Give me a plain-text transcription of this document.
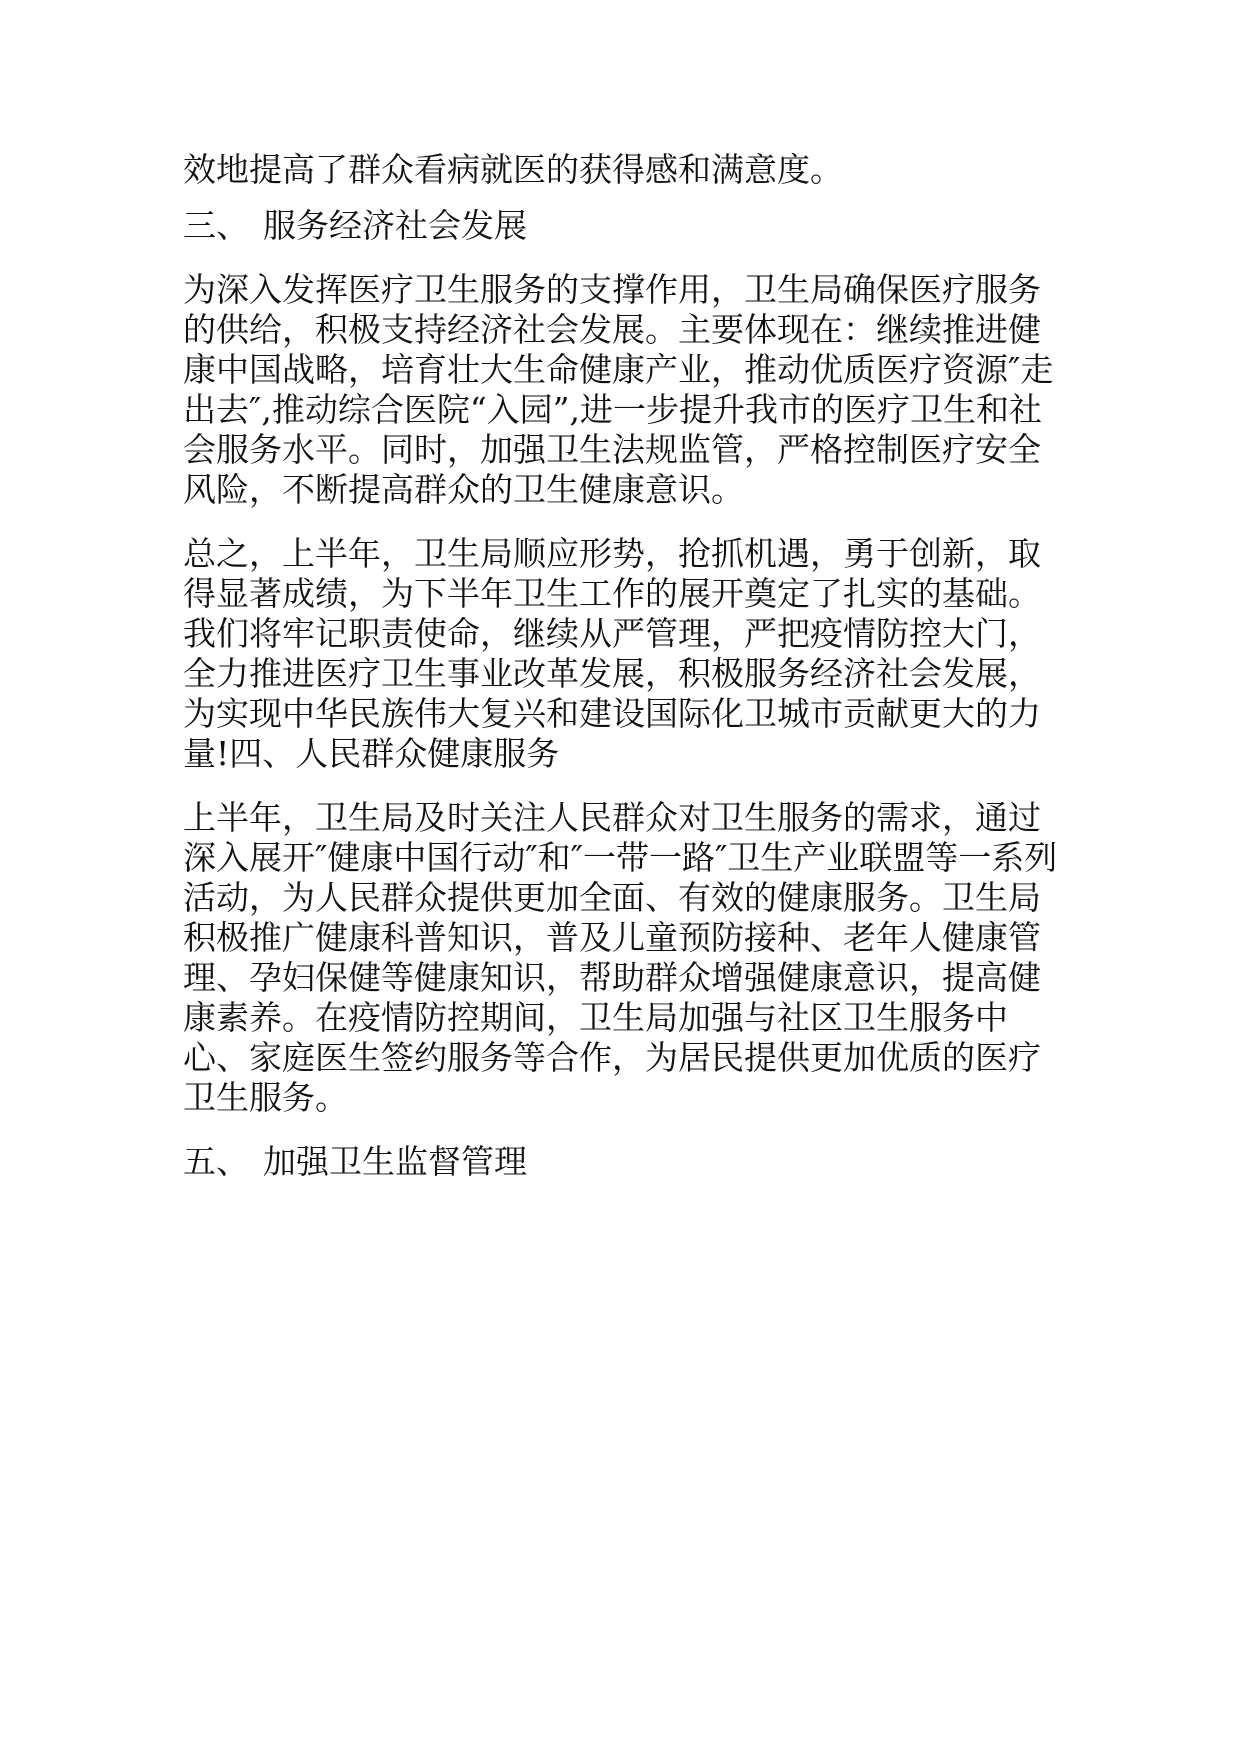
效地提高了群众看病就医的获得感和满意度。

三、 服务经济社会发展

为深入发挥医疗卫生服务的支撑作用，卫生局确保医疗服务的供给，积极支持经济社会发展。主要体现在：继续推进健康中国战略，培育壮大生命健康产业，推动优质医疗资源″走出去″,推动综合医院“入园”,进一步提升我市的医疗卫生和社会服务水平。同时，加强卫生法规监管，严格控制医疗安全风险，不断提高群众的卫生健康意识。

总之，上半年，卫生局顺应形势，抢抓机遇，勇于创新，取得显著成绩，为下半年卫生工作的展开奠定了扎实的基础。我们将牢记职责使命，继续从严管理，严把疫情防控大门，全力推进医疗卫生事业改革发展，积极服务经济社会发展，为实现中华民族伟大复兴和建设国际化卫城市贡献更大的力量!四、人民群众健康服务

上半年，卫生局及时关注人民群众对卫生服务的需求，通过深入展开″健康中国行动″和″一带一路″卫生产业联盟等一系列活动，为人民群众提供更加全面、有效的健康服务。卫生局积极推广健康科普知识，普及儿童预防接种、老年人健康管理、孕妇保健等健康知识，帮助群众增强健康意识，提高健康素养。在疫情防控期间，卫生局加强与社区卫生服务中心、家庭医生签约服务等合作，为居民提供更加优质的医疗卫生服务。

五、 加强卫生监督管理
